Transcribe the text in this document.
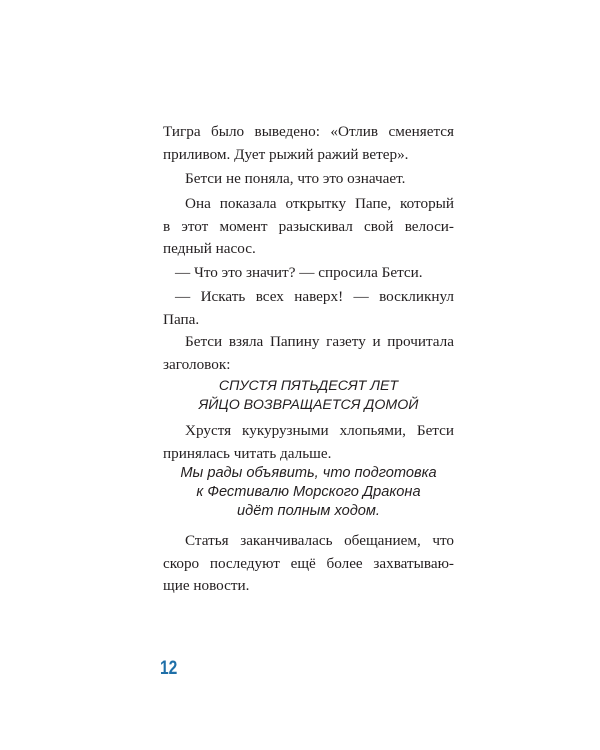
Тигра было выведено: «Отлив сменяется
приливом. Дует рыжий ражий ветер».

Бетси не поняла, что это означает.

Она показала открытку Папе, который
в этот момент разыскивал свой велоси-
педный насос.

— Что это значит? — спросила Бетси.

— Искать всех наверх! — воскликнул
Папа.

Бетси взяла Папину газету и прочитала
заголовок:

СПУСТЯ ПЯТЬДЕСЯТ ЛЕТ
ЯЙЦО ВОЗВРАЩАЕТСЯ ДОМОЙ

Хрустя кукурузными хлопьями, Бетси
принялась читать дальше.

Мы рады объявить, что подготовка
к Фестивалю Морского Дракона
идёт полным ходом.

Статья заканчивалась обещанием, что
скоро последуют ещё более захватываю-
щие новости.

12
